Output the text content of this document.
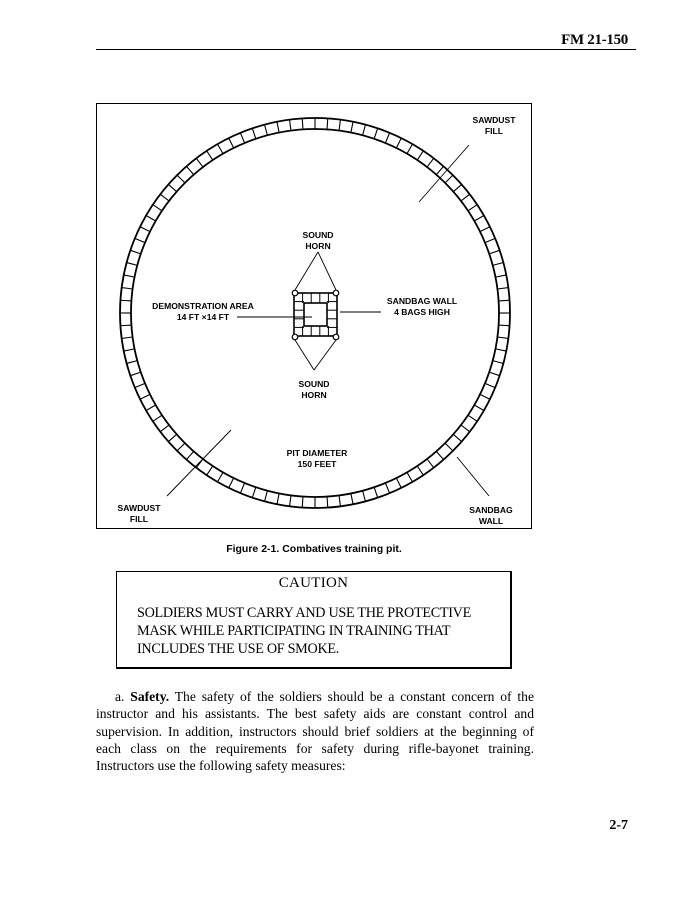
FM 21-150
SAWDUST
FILL
SOUND
HORN
DEMONSTRATION AREA
14 FT ×14 FT
SANDBAG WALL
4 BAGS HIGH
SOUND
HORN
PIT DIAMETER
150 FEET
SAWDUST
FILL
SANDBAG
WALL
Figure 2-1. Combatives training pit.
CAUTION
SOLDIERS MUST CARRY AND USE THE PROTECTIVE
MASK WHILE PARTICIPATING IN TRAINING THAT
INCLUDES THE USE OF SMOKE.
a. Safety. The safety of the soldiers should be a constant concern of the
instructor and his assistants. The best safety aids are constant control and
supervision. In addition, instructors should brief soldiers at the beginning of
each class on the requirements for safety during rifle-bayonet training.
Instructors use the following safety measures:
2-7
